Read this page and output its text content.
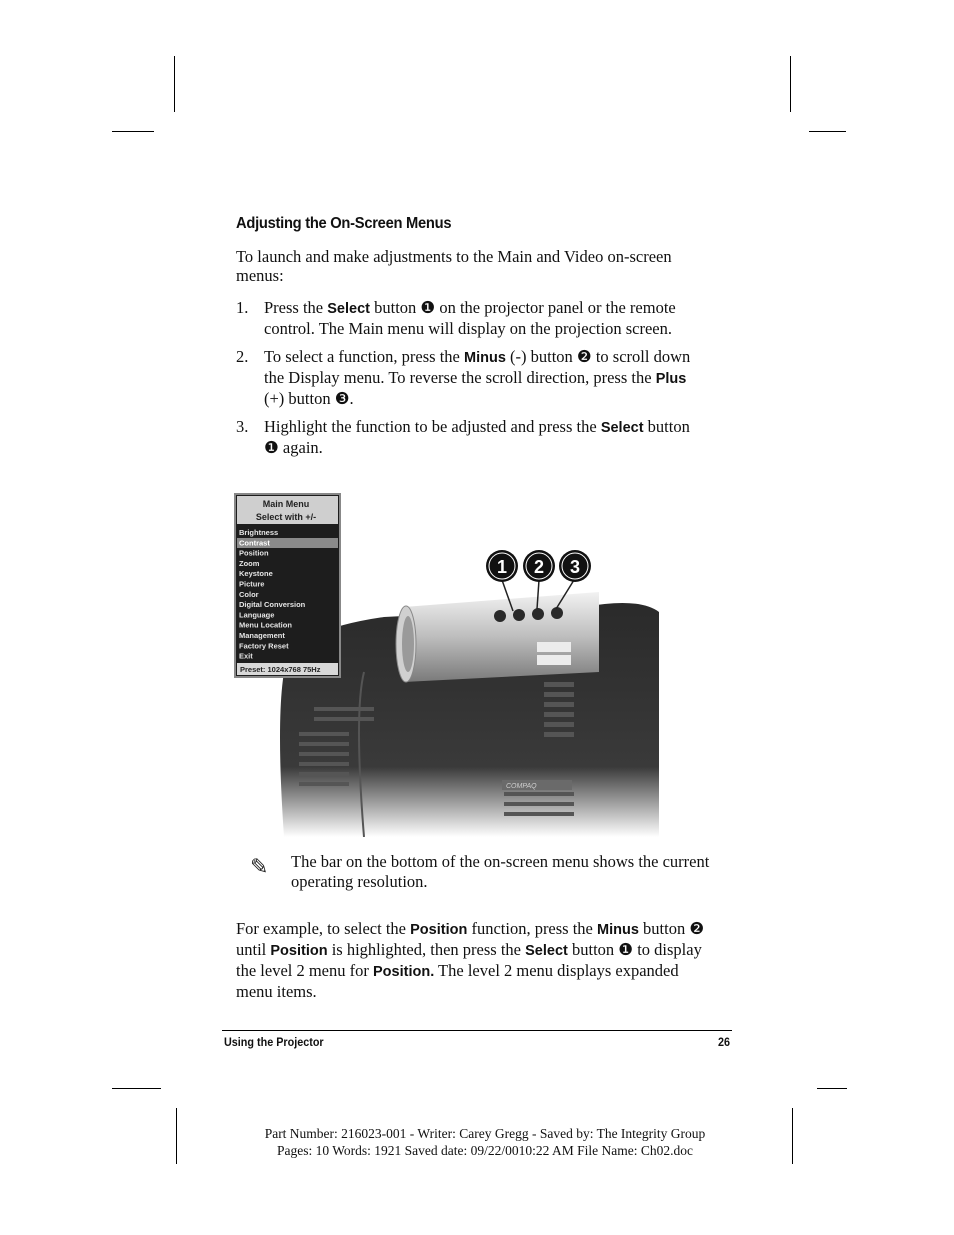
Adjusting the On-Screen Menus
To launch and make adjustments to the Main and Video on-screen menus:
1. Press the Select button ❶ on the projector panel or the remote control. The Main menu will display on the projection screen.
2. To select a function, press the Minus (-) button ❷ to scroll down the Display menu. To reverse the scroll direction, press the Plus (+) button ❸.
3. Highlight the function to be adjusted and press the Select button ❶ again.
COMPAQ
1 2 3
Main Menu
Select with +/-
Brightness
Contrast
Position
Zoom
Keystone
Picture
Color
Digital Conversion
Language
Menu Location
Management
Factory Reset
Exit
Preset: 1024x768 75Hz
✎ The bar on the bottom of the on-screen menu shows the current operating resolution.
For example, to select the Position function, press the Minus button ❷ until Position is highlighted, then press the Select button ❶ to display the level 2 menu for Position. The level 2 menu displays expanded menu items.
Using the Projector	26
Part Number: 216023-001 - Writer: Carey Gregg - Saved by: The Integrity Group
Pages: 10 Words: 1921 Saved date: 09/22/0010:22 AM File Name: Ch02.doc
